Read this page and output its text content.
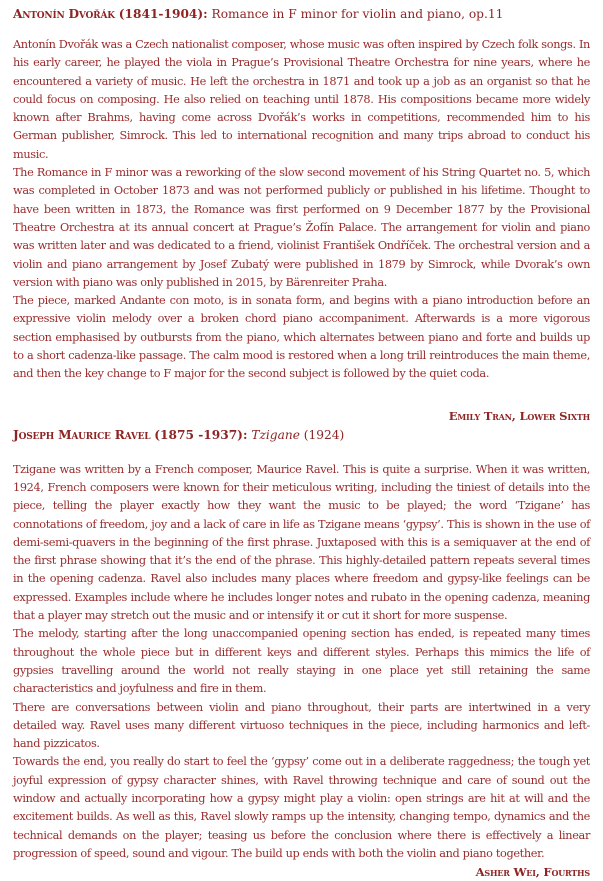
Antonín Dvořák (1841-1904): Romance in F minor for violin and piano, op.11

Antonín Dvořák was a Czech nationalist composer, whose music was often inspired by Czech folk songs. In his early career, he played the viola in Prague’s Provisional Theatre Orchestra for nine years, where he encountered a variety of music. He left the orchestra in 1871 and took up a job as an organist so that he could focus on composing. He also relied on teaching until 1878. His compositions became more widely known after Brahms, having come across Dvořák’s works in competitions, recommended him to his German publisher, Simrock. This led to international recognition and many trips abroad to conduct his music.

The Romance in F minor was a reworking of the slow second movement of his String Quartet no. 5, which was completed in October 1873 and was not performed publicly or published in his lifetime. Thought to have been written in 1873, the Romance was first performed on 9 December 1877 by the Provisional Theatre Orchestra at its annual concert at Prague’s Žofín Palace. The arrangement for violin and piano was written later and was dedicated to a friend, violinist František Ondříček. The orchestral version and a violin and piano arrangement by Josef Zubatý were published in 1879 by Simrock, while Dvorak’s own version with piano was only published in 2015, by Bärenreiter Praha.

The piece, marked Andante con moto, is in sonata form, and begins with a piano introduction before an expressive violin melody over a broken chord piano accompaniment. Afterwards is a more vigorous section emphasised by outbursts from the piano, which alternates between piano and forte and builds up to a short cadenza-like passage. The calm mood is restored when a long trill reintroduces the main theme, and then the key change to F major for the second subject is followed by the quiet coda.

Emily Tran, Lower Sixth

Joseph Maurice Ravel (1875 -1937): Tzigane (1924)

Tzigane was written by a French composer, Maurice Ravel. This is quite a surprise. When it was written, 1924, French composers were known for their meticulous writing, including the tiniest of details into the piece, telling the player exactly how they want the music to be played; the word ‘Tzigane’ has connotations of freedom, joy and a lack of care in life as Tzigane means ‘gypsy’. This is shown in the use of demi-semi-quavers in the beginning of the first phrase. Juxtaposed with this is a semiquaver at the end of the first phrase showing that it’s the end of the phrase. This highly-detailed pattern repeats several times in the opening cadenza. Ravel also includes many places where freedom and gypsy-like feelings can be expressed. Examples include where he includes longer notes and rubato in the opening cadenza, meaning that a player may stretch out the music and or intensify it or cut it short for more suspense.

The melody, starting after the long unaccompanied opening section has ended, is repeated many times throughout the whole piece but in different keys and different styles. Perhaps this mimics the life of gypsies travelling around the world not really staying in one place yet still retaining the same characteristics and joyfulness and fire in them.

There are conversations between violin and piano throughout, their parts are intertwined in a very detailed way. Ravel uses many different virtuoso techniques in the piece, including harmonics and left-hand pizzicatos.

Towards the end, you really do start to feel the ‘gypsy’ come out in a deliberate raggedness; the tough yet joyful expression of gypsy character shines, with Ravel throwing technique and care of sound out the window and actually incorporating how a gypsy might play a violin: open strings are hit at will and the excitement builds. As well as this, Ravel slowly ramps up the intensity, changing tempo, dynamics and the technical demands on the player; teasing us before the conclusion where there is effectively a linear progression of speed, sound and vigour. The build up ends with both the violin and piano together.

Asher Wei, Fourths
